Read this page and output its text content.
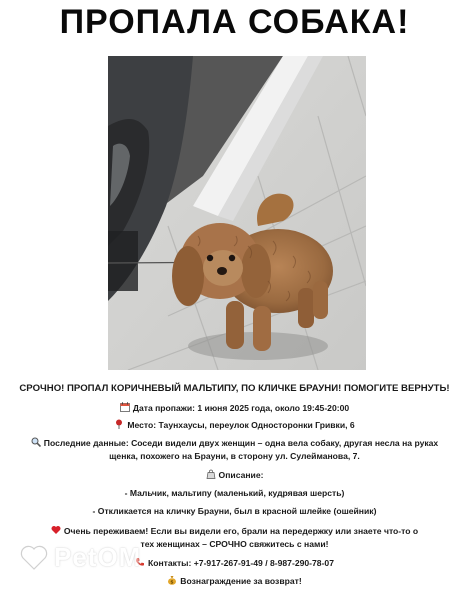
ПРОПАЛА СОБАКА!
СРОЧНО! ПРОПАЛ КОРИЧНЕВЫЙ МАЛЬТИПУ, ПО КЛИЧКЕ БРАУНИ! ПОМОГИТЕ ВЕРНУТЬ!
Дата пропажи: 1 июня 2025 года, около 19:45-20:00
Место: Таунхаусы, переулок Односторонки Гривки, 6
Последние данные: Соседи видели двух женщин – одна вела собаку, другая несла на руках
щенка, похожего на Брауни, в сторону ул. Сулейманова, 7.
Описание:
- Мальчик, мальтипу (маленький, кудрявая шерсть)
- Откликается на кличку Брауни, был в красной шлейке (ошейник)
Очень переживаем! Если вы видели его, брали на передержку или знаете что-то о
тех женщинах – СРОЧНО свяжитесь с нами!
Контакты: +7-917-267-91-49 / 8-987-290-78-07
$ Вознаграждение за возврат!
PetOM
